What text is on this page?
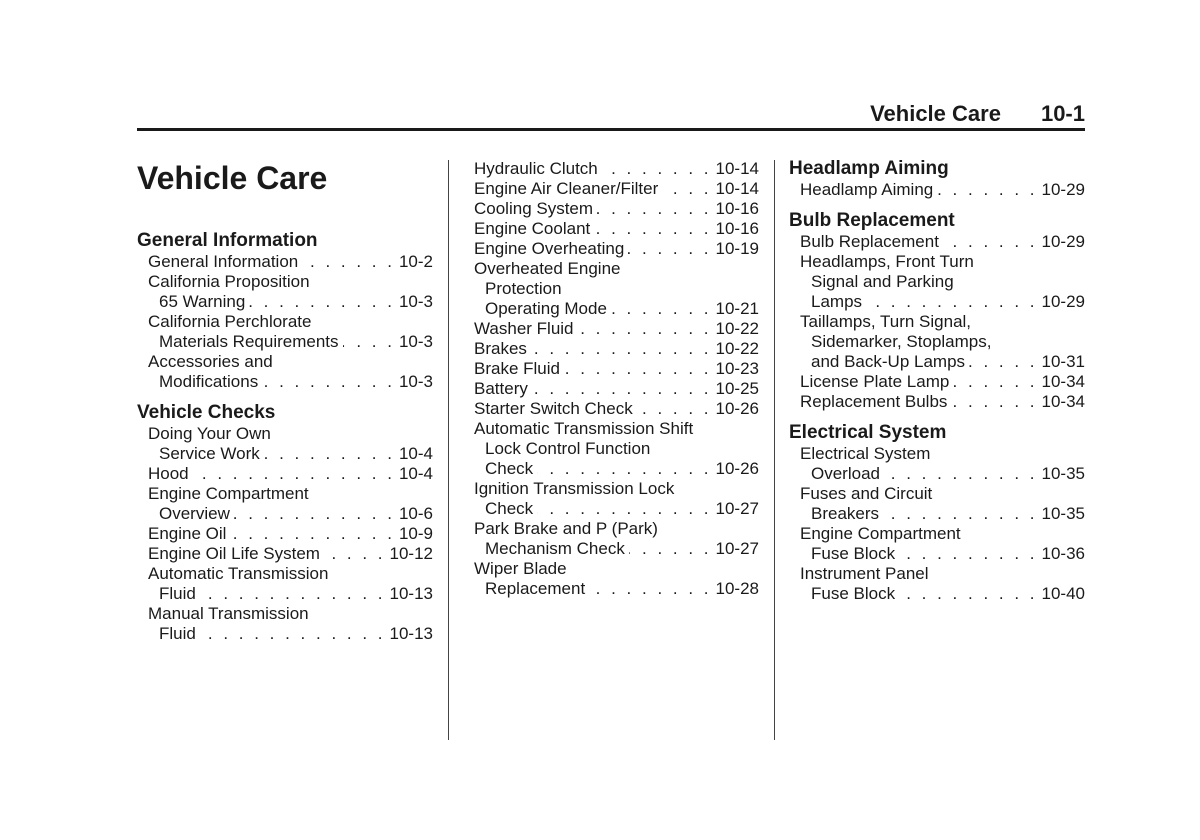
Vehicle Care 10-1
Vehicle Care
General Information
General Information . . .	10-2
California Proposition
65 Warning . . .	10-3
California Perchlorate
Materials Requirements . . .	10-3
Accessories and
Modifications . . .	10-3
Vehicle Checks
Doing Your Own
Service Work . . .	10-4
Hood . . .	10-4
Engine Compartment
Overview . . .	10-6
Engine Oil . . .	10-9
Engine Oil Life System . . .	10-12
Automatic Transmission
Fluid . . .	10-13
Manual Transmission
Fluid . . .	10-13
Hydraulic Clutch . . .	10-14
Engine Air Cleaner/Filter . . .	10-14
Cooling System . . .	10-16
Engine Coolant . . .	10-16
Engine Overheating . . .	10-19
Overheated Engine
Protection
Operating Mode . . .	10-21
Washer Fluid . . .	10-22
Brakes . . .	10-22
Brake Fluid . . .	10-23
Battery . . .	10-25
Starter Switch Check . . .	10-26
Automatic Transmission Shift
Lock Control Function
Check . . .	10-26
Ignition Transmission Lock
Check . . .	10-27
Park Brake and P (Park)
Mechanism Check . . .	10-27
Wiper Blade
Replacement . . .	10-28
Headlamp Aiming
Headlamp Aiming . . .	10-29
Bulb Replacement
Bulb Replacement . . .	10-29
Headlamps, Front Turn
Signal and Parking
Lamps . . .	10-29
Taillamps, Turn Signal,
Sidemarker, Stoplamps,
and Back-Up Lamps . . .	10-31
License Plate Lamp . . .	10-34
Replacement Bulbs . . .	10-34
Electrical System
Electrical System
Overload . . .	10-35
Fuses and Circuit
Breakers . . .	10-35
Engine Compartment
Fuse Block . . .	10-36
Instrument Panel
Fuse Block . . .	10-40
